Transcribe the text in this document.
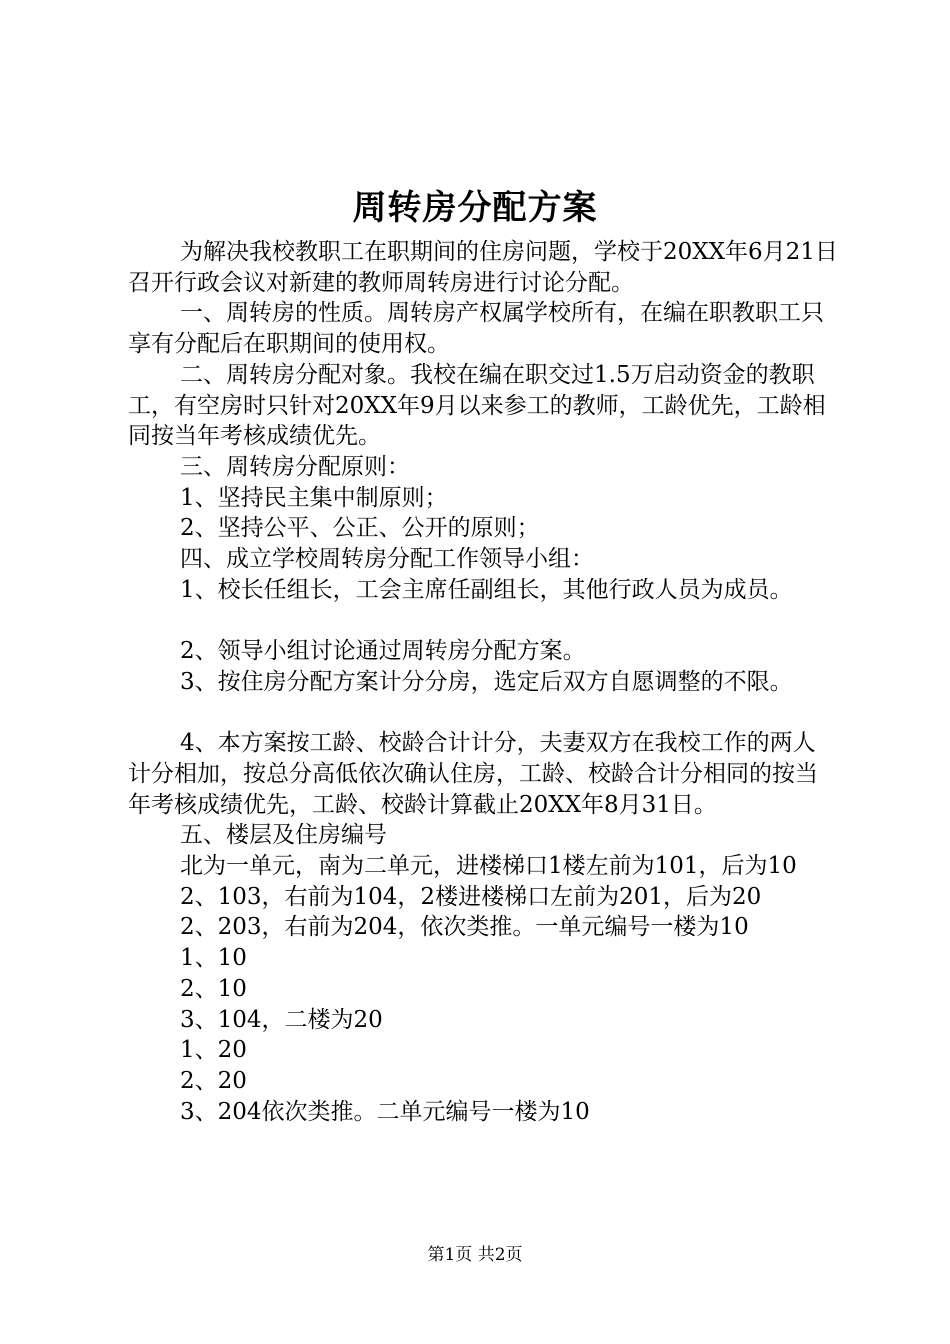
周转房分配方案

为解决我校教职工在职期间的住房问题，学校于20XX年6月21日召开行政会议对新建的教师周转房进行讨论分配。

一、周转房的性质。周转房产权属学校所有，在编在职教职工只享有分配后在职期间的使用权。

二、周转房分配对象。我校在编在职交过1.5万启动资金的教职工，有空房时只针对20XX年9月以来参工的教师，工龄优先，工龄相同按当年考核成绩优先。

三、周转房分配原则：

1、坚持民主集中制原则；

2、坚持公平、公正、公开的原则；

四、成立学校周转房分配工作领导小组：

1、校长任组长，工会主席任副组长，其他行政人员为成员。

2、领导小组讨论通过周转房分配方案。

3、按住房分配方案计分分房，选定后双方自愿调整的不限。

4、本方案按工龄、校龄合计计分，夫妻双方在我校工作的两人计分相加，按总分高低依次确认住房，工龄、校龄合计分相同的按当年考核成绩优先，工龄、校龄计算截止20XX年8月31日。

五、楼层及住房编号

北为一单元，南为二单元，进楼梯口1楼左前为101，后为10

2、103，右前为104，2楼进楼梯口左前为201，后为20

2、203，右前为204，依次类推。一单元编号一楼为10

1、10

2、10

3、104，二楼为20

1、20

2、20

3、204依次类推。二单元编号一楼为10

第1页 共2页
